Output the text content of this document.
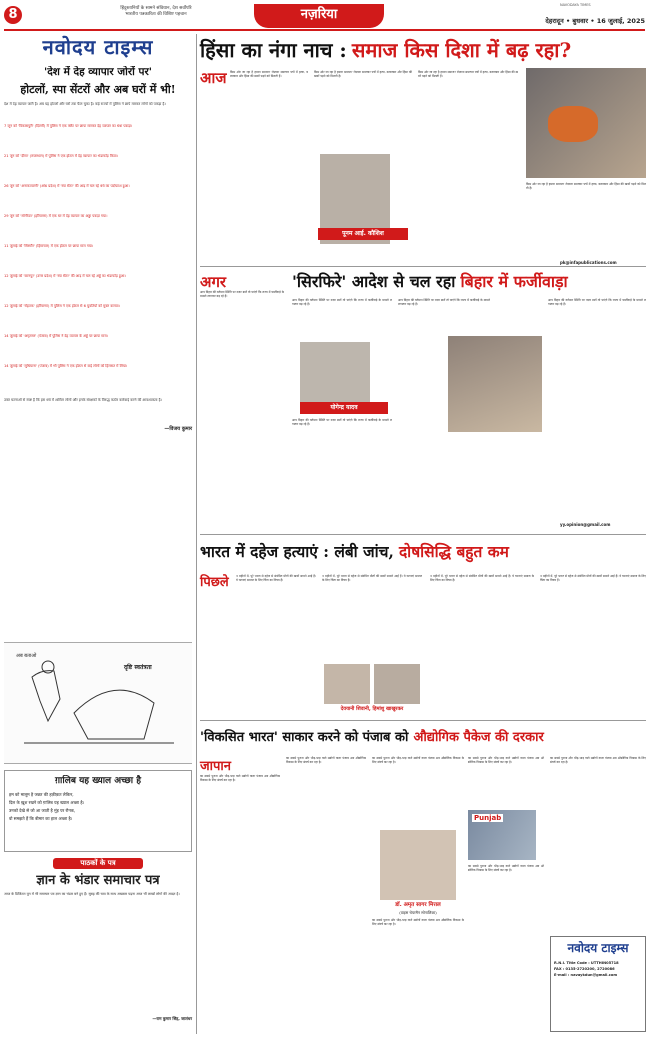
8	हिंदुस्तानियों के सामने संविधान, देश सर्वोपरि
भारतीय पत्रकारिता की विशिष्ट पहचान	नज़रिया
NAVODAYA TIMES
देहरादून • बुधवार • 16 जुलाई, 2025
नवोदय टाइम्स
'देश में देह व्यापार जोरों पर'
होटलों, स्पा सेंटरों और अब घरों में भी!
देश में देह व्यापार जारी है। अब यह होटलों और घरों तक फैल चुका है। कई राज्यों में पुलिस ने छापे मारकर लोगों को पकड़ा है।
7 जून को 'विकासपुरी' (दिल्ली) में पुलिस ने एक फ्लैट पर छापा मारकर देह व्यापार का धंधा पकड़ा।
21 जून को 'दीसा' (राजस्थान) में पुलिस ने एक होटल में देह व्यापार का भंडाफोड़ किया।
26 जून को 'अनाकापल्ली' (आंध्र प्रदेश) में 'स्पा सेंटर' की आड़ में चल रहे धंधे का पर्दाफाश हुआ।
29 जून को 'सोनीपत' (हरियाणा) में एक घर में देह व्यापार का अड्डा पकड़ा गया।
11 जुलाई को 'सिरमौर' (हिमाचल) में एक होटल पर छापा मारा गया।
12 जुलाई को 'कानपुर' (उत्तर प्रदेश) में 'स्पा सेंटर' की आड़ में चल रहे अड्डे का भंडाफोड़ हुआ।
12 जुलाई को 'रोहतक' (हरियाणा) में पुलिस ने एक होटल से 6 युवतियों को मुक्त कराया।
14 जुलाई को 'अमृतसर' (पंजाब) में पुलिस ने देह व्यापार के अड्डे पर छापा मारा।
14 जुलाई को 'लुधियाना' (पंजाब) में भी पुलिस ने एक होटल से कई लोगों को हिरासत में लिया।
उक्त घटनाओं से स्पष्ट है कि इस धंधे में शामिल लोगों और इनके संरक्षकों के विरुद्ध कठोर कार्रवाई करने की आवश्यकता है।
—विजय कुमार
दृष्टि स्वतंत्रता
अब बताओ
ग़ालिब यह ख्याल अच्छा है
हम को मालूम है जन्नत की हक़ीक़त लेकिन,
दिल के ख़ुश रखने को ग़ालिब यह ख्याल अच्छा है।
उनको देखे से जो आ जाती है मुंह पर रौनक,
वो समझते हैं कि बीमार का हाल अच्छा है।
पाठकों के पत्र
ज्ञान के भंडार समाचार पत्र
आज के डिजिटल युग में भी समाचार पत्र ज्ञान का भंडार बने हुए हैं। सुबह की चाय के साथ अखबार पढ़ना आज भी लाखों लोगों की आदत है।
—राम कुमार सिंह, जालंधर
हिंसा का नंगा नाच : समाज किस दिशा में बढ़ रहा?
आज किस ओर जा रहा है हमारा समाज? रोज़ाना समाचार पत्रों में हत्या, बलात्कार और हिंसा की खबरें पढ़ने को मिलती हैं।
किस ओर जा रहा है हमारा समाज? रोज़ाना समाचार पत्रों में हत्या, बलात्कार और हिंसा की खबरें पढ़ने को मिलती हैं।
पूनम आई. कौशिश
किस ओर जा रहा है हमारा समाज? रोज़ाना समाचार पत्रों में हत्या, बलात्कार और हिंसा की खबरें पढ़ने को मिलती हैं।
किस ओर जा रहा है हमारा समाज? रोज़ाना समाचार पत्रों में हत्या, बलात्कार और हिंसा की खबरें पढ़ने को मिलती हैं।
pk@infapublications.com
अगर
आप बिहार की वर्तमान स्थिति पर नज़र डालें तो पाएंगे कि राज्य में फर्जीवाड़े के मामले लगातार बढ़ रहे हैं।
'सिरफिरे' आदेश से चल रहा बिहार में फर्जीवाड़ा
आप बिहार की वर्तमान स्थिति पर नज़र डालें तो पाएंगे कि राज्य में फर्जीवाड़े के मामले लगातार बढ़ रहे हैं।
योगेन्द्र यादव
आप बिहार की वर्तमान स्थिति पर नज़र डालें तो पाएंगे कि राज्य में फर्जीवाड़े के मामले लगातार बढ़ रहे हैं।
आप बिहार की वर्तमान स्थिति पर नज़र डालें तो पाएंगे कि राज्य में फर्जीवाड़े के मामले लगातार बढ़ रहे हैं।
आप बिहार की वर्तमान स्थिति पर नज़र डालें तो पाएंगे कि राज्य में फर्जीवाड़े के मामले लगातार बढ़ रहे हैं।
yy.opinion@gmail.com
भारत में दहेज हत्याएं : लंबी जांच, दोषसिद्धि बहुत कम
पिछले 3 महीनों में, पूरे भारत से दहेज से संबंधित मौतों की खबरें सामने आई हैं। ये घटनाएं समाज के लिए चिंता का विषय हैं।
3 महीनों में, पूरे भारत से दहेज से संबंधित मौतों की खबरें सामने आई हैं। ये घटनाएं समाज के लिए चिंता का विषय हैं।
देवयानी शिवानी, हिमांशु खाखुरकर
3 महीनों में, पूरे भारत से दहेज से संबंधित मौतों की खबरें सामने आई हैं। ये घटनाएं समाज के लिए चिंता का विषय हैं।
3 महीनों में, पूरे भारत से दहेज से संबंधित मौतों की खबरें सामने आई हैं। ये घटनाएं समाज के लिए चिंता का विषय हैं।
'विकसित भारत' साकार करने को पंजाब को औद्योगिक पैकेज की दरकार
जापान
का सबसे पुराना और भीड़-भाड़ वाले उद्योगों वाला पंजाब अब औद्योगिक विकास के लिए संघर्ष कर रहा है।
का सबसे पुराना और भीड़-भाड़ वाले उद्योगों वाला पंजाब अब औद्योगिक विकास के लिए संघर्ष कर रहा है।
का सबसे पुराना और भीड़-भाड़ वाले उद्योगों वाला पंजाब अब औद्योगिक विकास के लिए संघर्ष कर रहा है।
डॉ. अमृत सागर मित्तल
(वाइस चेयरमैन सोनालिका)
का सबसे पुराना और भीड़-भाड़ वाले उद्योगों वाला पंजाब अब औद्योगिक विकास के लिए संघर्ष कर रहा है।
Punjab
का सबसे पुराना और भीड़-भाड़ वाले उद्योगों वाला पंजाब अब औद्योगिक विकास के लिए संघर्ष कर रहा है।
का सबसे पुराना और भीड़-भाड़ वाले उद्योगों वाला पंजाब अब औद्योगिक विकास के लिए संघर्ष कर रहा है।
का सबसे पुराना और भीड़-भाड़ वाले उद्योगों वाला पंजाब अब औद्योगिक विकास के लिए संघर्ष कर रहा है।
नवोदय टाइम्स
R.N.I. Title Code : UTTHIN05718
FAX : 0135-2720200, 2720086
E-mail : navaykdun@gmail.com
